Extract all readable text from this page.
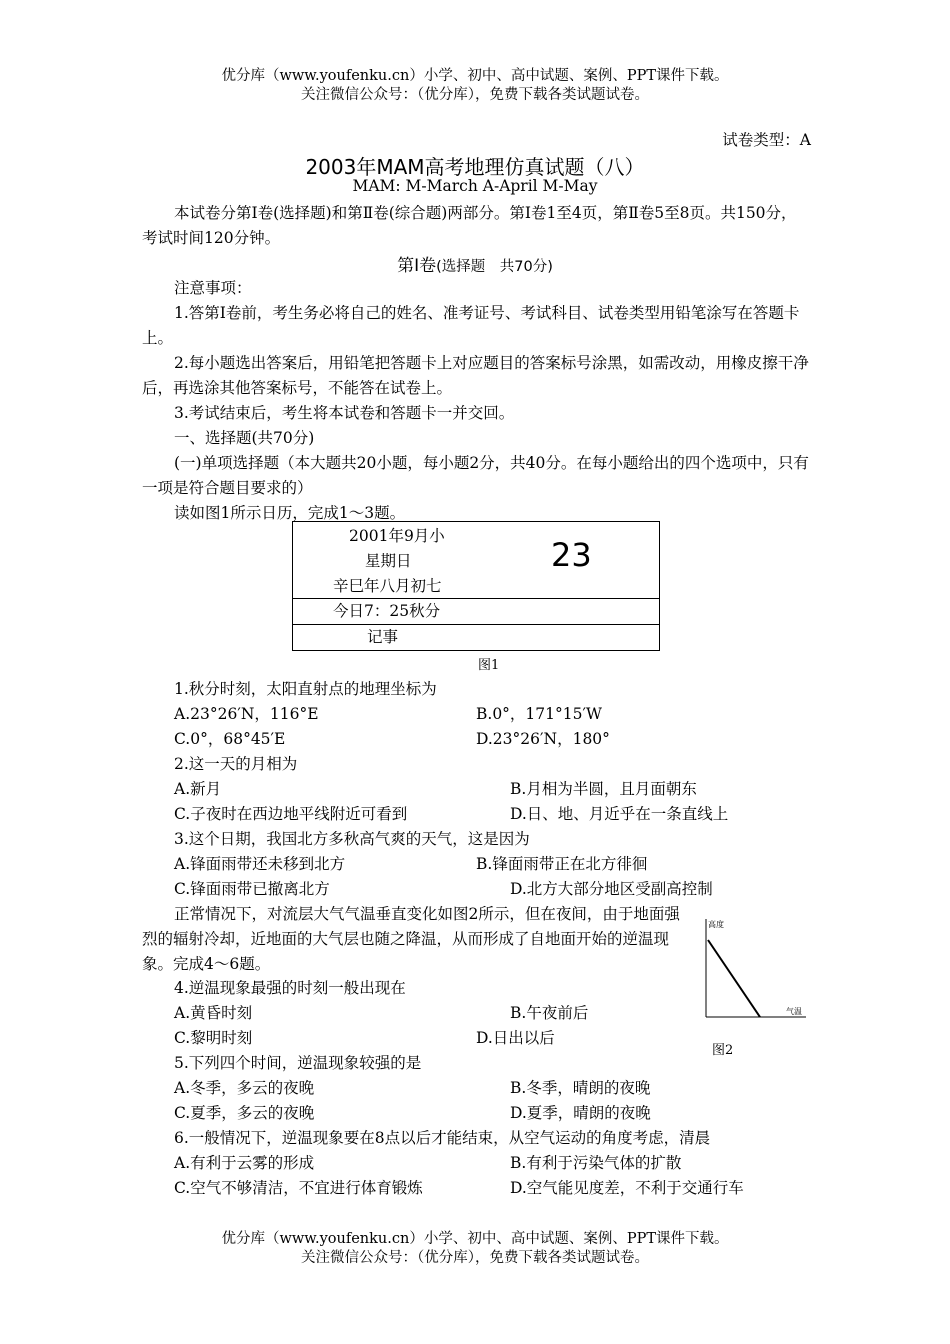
优分库（www.youfenku.cn）小学、初中、高中试题、案例、PPT课件下载。
关注微信公众号：（优分库），免费下载各类试题试卷。
试卷类型：A
2003年MAM高考地理仿真试题（八）
MAM: M-March A-April M-May
本试卷分第Ⅰ卷(选择题)和第Ⅱ卷(综合题)两部分。第Ⅰ卷1至4页，第Ⅱ卷5至8页。共150分，考试时间120分钟。
第Ⅰ卷(选择题　共70分)
注意事项：
1.答第Ⅰ卷前，考生务必将自己的姓名、准考证号、考试科目、试卷类型用铅笔涂写在答题卡上。
2.每小题选出答案后，用铅笔把答题卡上对应题目的答案标号涂黑，如需改动，用橡皮擦干净后，再选涂其他答案标号，不能答在试卷上。
3.考试结束后，考生将本试卷和答题卡一并交回。
一、选择题(共70分)
(一)单项选择题（本大题共20小题，每小题2分，共40分。在每小题给出的四个选项中，只有一项是符合题目要求的）
读如图1所示日历，完成1～3题。
2001年9月小
星期日
辛巳年八月初七
23
今日7：25秋分
记事
图1
1.秋分时刻，太阳直射点的地理坐标为
A.23°26′N，116°E	B.0°，171°15′W
C.0°，68°45′E	D.23°26′N，180°
2.这一天的月相为
A.新月	B.月相为半圆，且月面朝东
C.子夜时在西边地平线附近可看到	D.日、地、月近乎在一条直线上
3.这个日期，我国北方多秋高气爽的天气，这是因为
A.锋面雨带还未移到北方	B.锋面雨带正在北方徘徊
C.锋面雨带已撤离北方	D.北方大部分地区受副高控制
正常情况下，对流层大气气温垂直变化如图2所示，但在夜间，由于地面强烈的辐射冷却，近地面的大气层也随之降温，从而形成了自地面开始的逆温现象。完成4～6题。
高度
气温
图2
4.逆温现象最强的时刻一般出现在
A.黄昏时刻	B.午夜前后
C.黎明时刻	D.日出以后
5.下列四个时间，逆温现象较强的是
A.冬季，多云的夜晚	B.冬季，晴朗的夜晚
C.夏季，多云的夜晚	D.夏季，晴朗的夜晚
6.一般情况下，逆温现象要在8点以后才能结束，从空气运动的角度考虑，清晨
A.有利于云雾的形成	B.有利于污染气体的扩散
C.空气不够清洁，不宜进行体育锻炼	D.空气能见度差，不利于交通行车
优分库（www.youfenku.cn）小学、初中、高中试题、案例、PPT课件下载。
关注微信公众号：（优分库），免费下载各类试题试卷。
